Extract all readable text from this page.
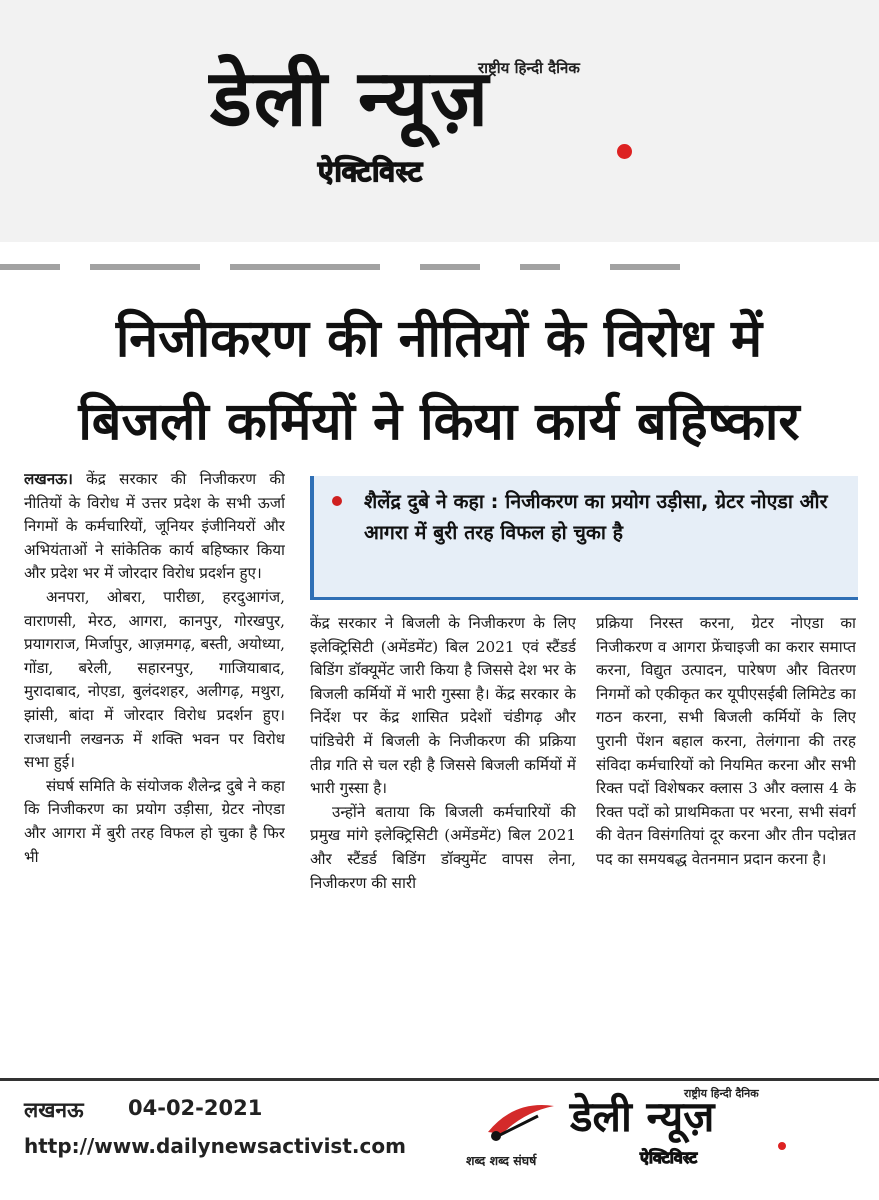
राष्ट्रीय हिन्दी दैनिक
डेली न्यूज़
ऐक्टिविस्ट
निजीकरण की नीतियों के विरोध में
बिजली कर्मियों ने किया कार्य बहिष्कार

लखनऊ। केंद्र सरकार की निजीकरण की नीतियों के विरोध में उत्तर प्रदेश के सभी ऊर्जा निगमों के कर्मचारियों, जूनियर इंजीनियरों और अभियंताओं ने सांकेतिक कार्य बहिष्कार किया और प्रदेश भर में जोरदार विरोध प्रदर्शन हुए।

अनपरा, ओबरा, पारीछा, हरदुआगंज, वाराणसी, मेरठ, आगरा, कानपुर, गोरखपुर, प्रयागराज, मिर्जापुर, आज़मगढ़, बस्ती, अयोध्या, गोंडा, बरेली, सहारनपुर, गाजियाबाद, मुरादाबाद, नोएडा, बुलंदशहर, अलीगढ़, मथुरा, झांसी, बांदा में जोरदार विरोध प्रदर्शन हुए। राजधानी लखनऊ में शक्ति भवन पर विरोध सभा हुई।

संघर्ष समिति के संयोजक शैलेन्द्र दुबे ने कहा कि निजीकरण का प्रयोग उड़ीसा, ग्रेटर नोएडा और आगरा में बुरी तरह विफल हो चुका है फिर भी

शैलेंद्र दुबे ने कहा : निजीकरण का प्रयोग उड़ीसा, ग्रेटर नोएडा और आगरा में बुरी तरह विफल हो चुका है

केंद्र सरकार ने बिजली के निजीकरण के लिए इलेक्ट्रिसिटी (अमेंडमेंट) बिल 2021 एवं स्टैंडर्ड बिडिंग डॉक्यूमेंट जारी किया है जिससे देश भर के बिजली कर्मियों में भारी गुस्सा है। केंद्र सरकार के निर्देश पर केंद्र शासित प्रदेशों चंडीगढ़ और पांडिचेरी में बिजली के निजीकरण की प्रक्रिया तीव्र गति से चल रही है जिससे बिजली कर्मियों में भारी गुस्सा है।

उन्होंने बताया कि बिजली कर्मचारियों की प्रमुख मांगे इलेक्ट्रिसिटी (अमेंडमेंट) बिल 2021 और स्टैंडर्ड बिडिंग डॉक्युमेंट वापस लेना, निजीकरण की सारी

प्रक्रिया निरस्त करना, ग्रेटर नोएडा का निजीकरण व आगरा फ्रेंचाइजी का करार समाप्त करना, विद्युत उत्पादन, पारेषण और वितरण निगमों को एकीकृत कर यूपीएसईबी लिमिटेड का गठन करना, सभी बिजली कर्मियों के लिए पुरानी पेंशन बहाल करना, तेलंगाना की तरह संविदा कर्मचारियों को नियमित करना और सभी रिक्त पदों विशेषकर क्लास 3 और क्लास 4 के रिक्त पदों को प्राथमिकता पर भरना, सभी संवर्ग की वेतन विसंगतियां दूर करना और तीन पदोन्नत पद का समयबद्ध वेतनमान प्रदान करना है।

लखनऊ 04-02-2021
http://www.dailynewsactivist.com
शब्द शब्द संघर्ष
राष्ट्रीय हिन्दी दैनिक
डेली न्यूज़
ऐक्टिविस्ट
